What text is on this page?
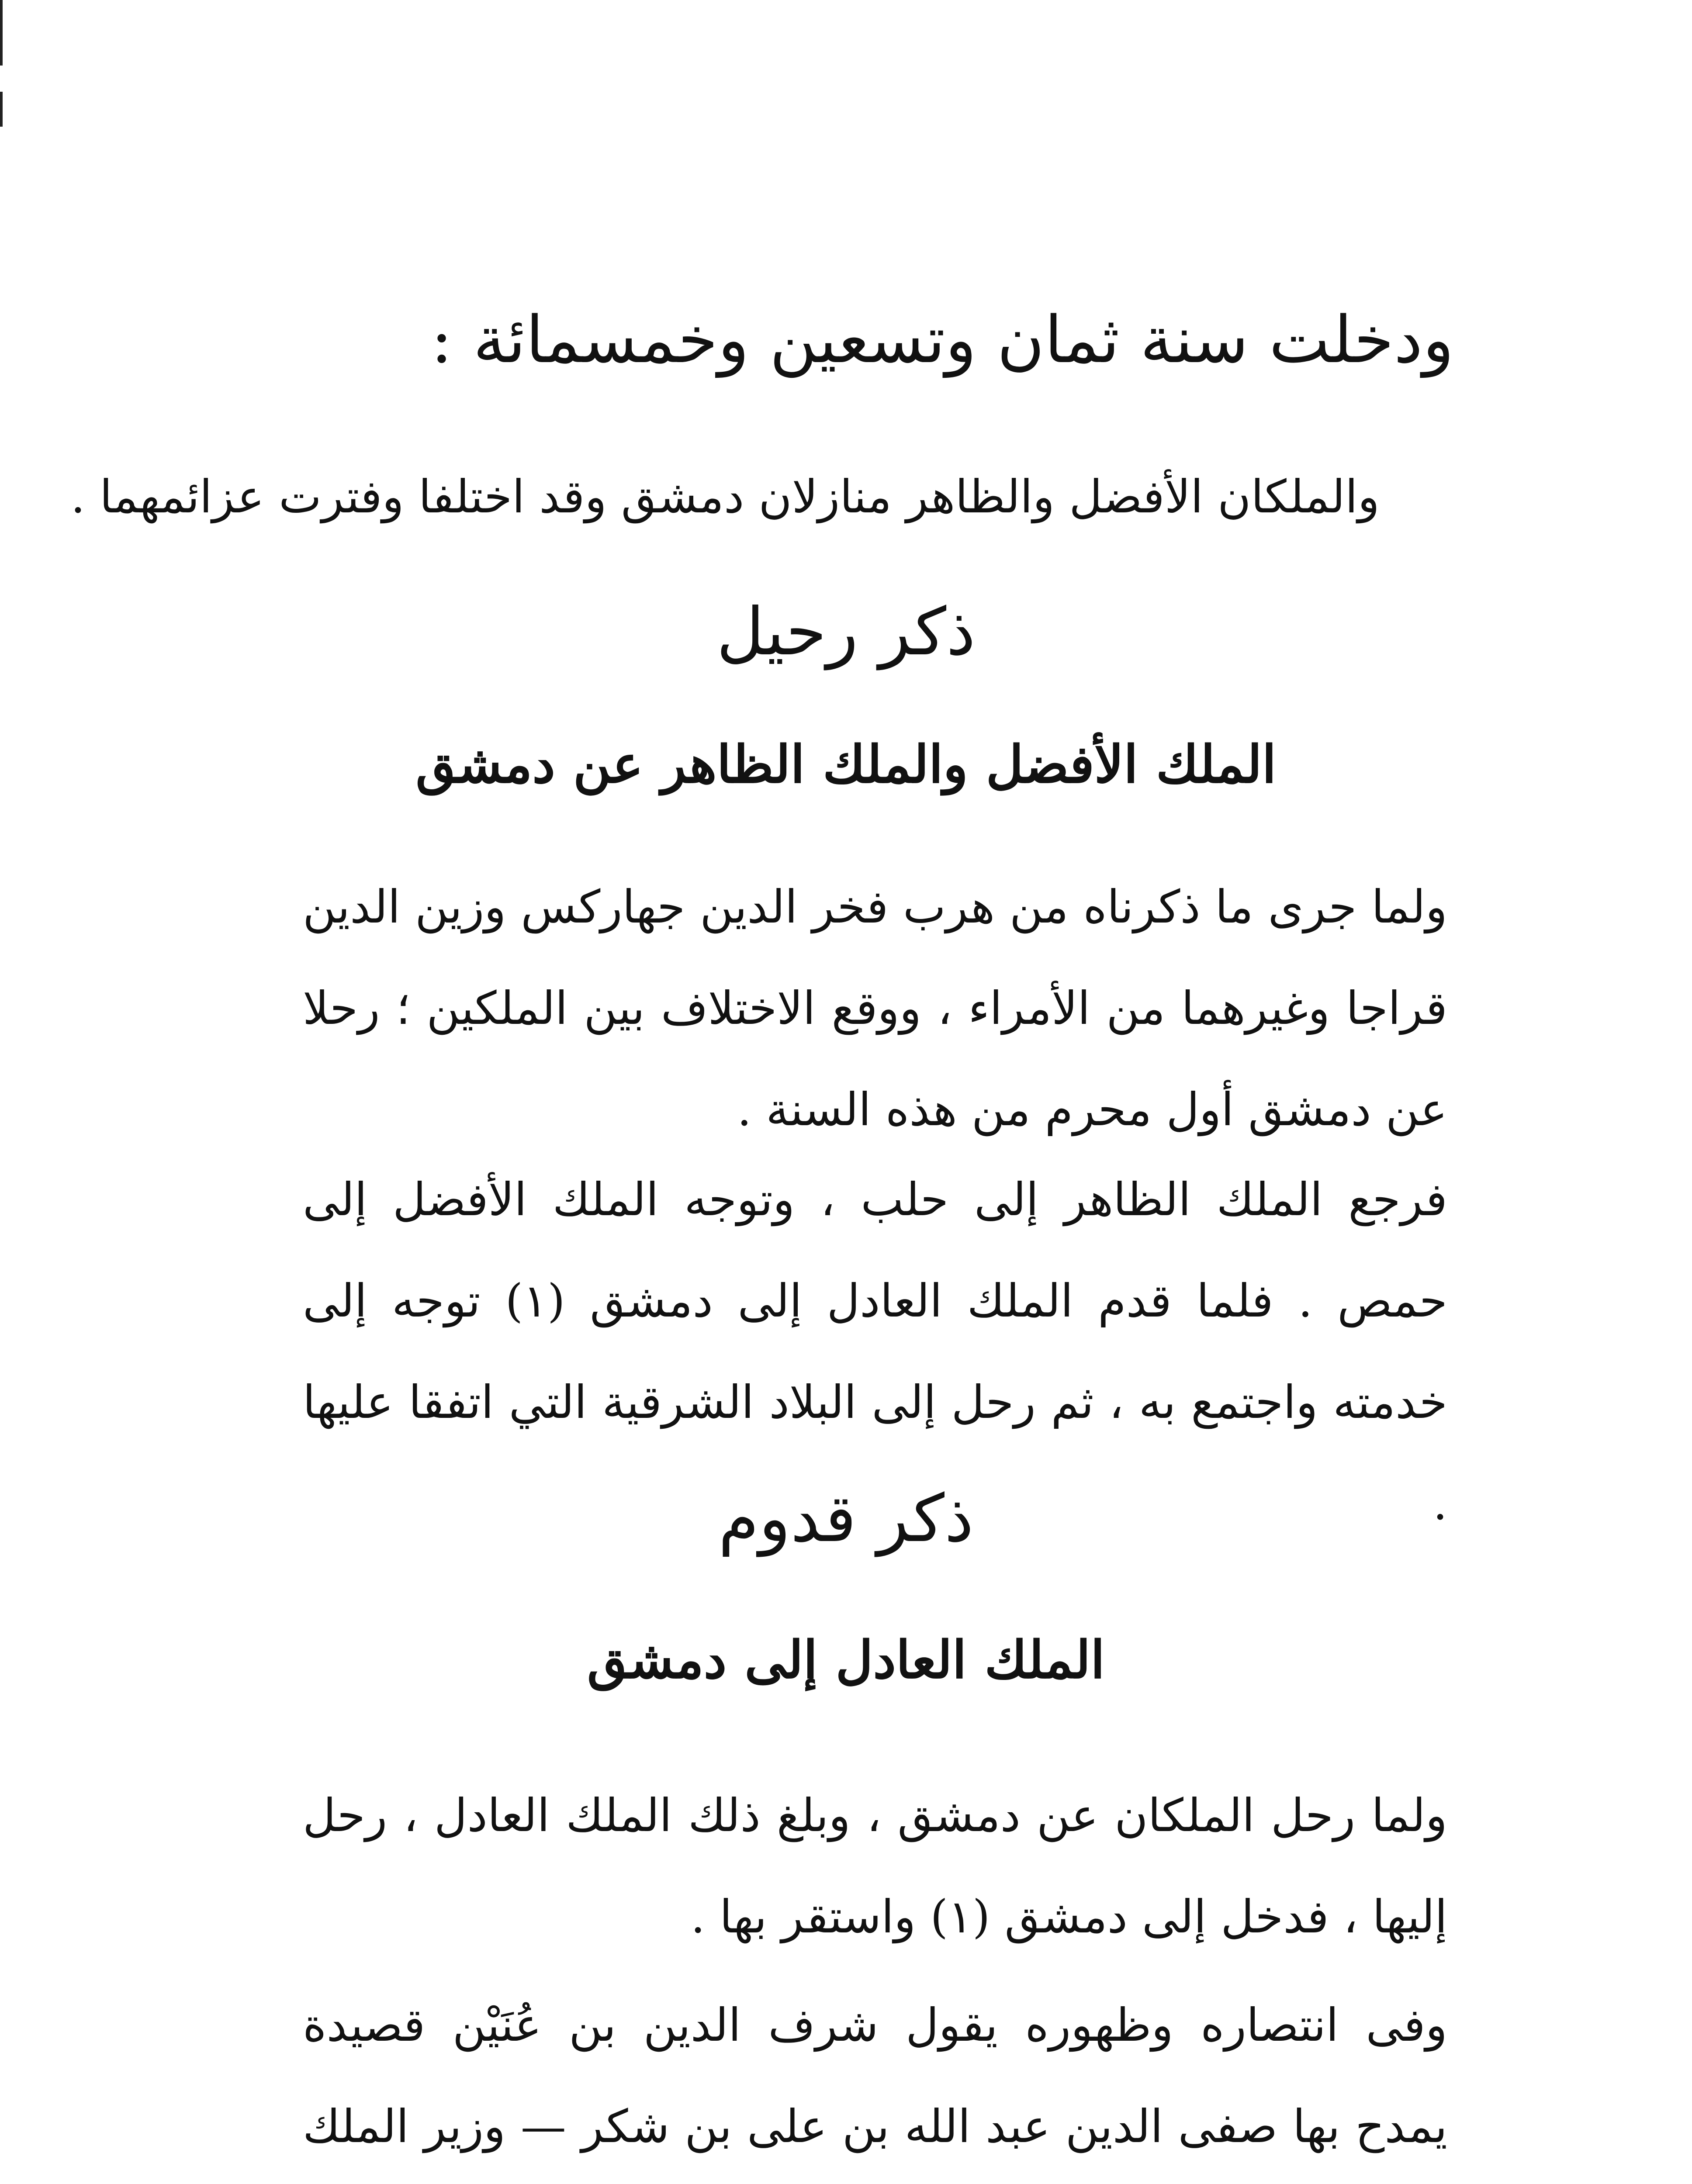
ودخلت سنة ثمان وتسعين وخمسمائة :
والملكان الأفضل والظاهر منازلان دمشق وقد اختلفا وفترت عزائمهما .
ذكر رحيل
الملك الأفضل والملك الظاهر عن دمشق

ولما جرى ما ذكرناه من هرب فخر الدين جهاركس وزين الدين قراجا وغيرهما من الأمراء ، ووقع الاختلاف بين الملكين ؛ رحلا عن دمشق أول محرم من هذه السنة .

فرجع الملك الظاهر إلى حلب ، وتوجه الملك الأفضل إلى حمص . فلما قدم الملك العادل إلى دمشق (١) توجه إلى خدمته واجتمع به ، ثم رحل إلى البلاد الشرقية التي اتفقا عليها .

ذكر قدوم
الملك العادل إلى دمشق

ولما رحل الملكان عن دمشق ، وبلغ ذلك الملك العادل ، رحل إليها ، فدخل إلى دمشق (١) واستقر بها .

وفى انتصاره وظهوره يقول شرف الدين بن عُنَيْن قصيدة يمدح بها صفى الدين عبد الله بن على بن شكر — وزير الملك
